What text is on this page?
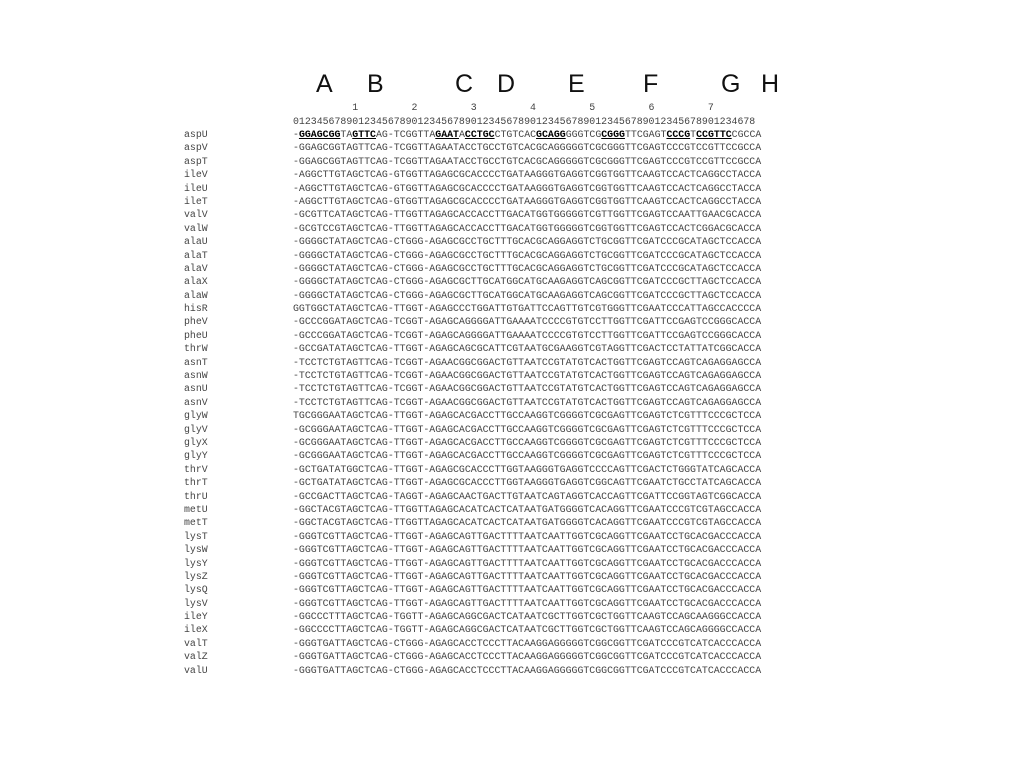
A B	C D E F	G H
1         2         3         4         5         6         7
012345678901234567890123456789012345678901234567890123456789012345678901234678
aspU	-GGAGCGGTAGTTCAG-TCGGTTAGAATACCTGCCTGTCACGCAGGGGGTCGCGGGTTCGAGTCCCGTCCGTTCCGCCA
aspV	-GGAGCGGTAGTTCAG-TCGGTTAGAATACCTGCCTGTCACGCAGGGGGTCGCGGGTTCGAGTCCCGTCCGTTCCGCCA
aspT	-GGAGCGGTAGTTCAG-TCGGTTAGAATACCTGCCTGTCACGCAGGGGGTCGCGGGTTCGAGTCCCGTCCGTTCCGCCA
ileV	-AGGCTTGTAGCTCAG-GTGGTTAGAGCGCACCCCTGATAAGGGTGAGGTCGGTGGTTCAAGTCCACTCAGGCCTACCA
ileU	-AGGCTTGTAGCTCAG-GTGGTTAGAGCGCACCCCTGATAAGGGTGAGGTCGGTGGTTCAAGTCCACTCAGGCCTACCA
ileT	-AGGCTTGTAGCTCAG-GTGGTTAGAGCGCACCCCTGATAAGGGTGAGGTCGGTGGTTCAAGTCCACTCAGGCCTACCA
valV	-GCGTTCATAGCTCAG-TTGGTTAGAGCACCACCTTGACATGGTGGGGGTCGTTGGTTCGAGTCCAATTGAACGCACCA
valW	-GCGTCCGTAGCTCAG-TTGGTTAGAGCACCACCTTGACATGGTGGGGGTCGGTGGTTCGAGTCCACTCGGACGCACCA
alaU	-GGGGCTATAGCTCAG-CTGGG-AGAGCGCCTGCTTTGCACGCAGGAGGTCTGCGGTTCGATCCCGCATAGCTCCACCA
alaT	-GGGGCTATAGCTCAG-CTGGG-AGAGCGCCTGCTTTGCACGCAGGAGGTCTGCGGTTCGATCCCGCATAGCTCCACCA
alaV	-GGGGCTATAGCTCAG-CTGGG-AGAGCGCCTGCTTTGCACGCAGGAGGTCTGCGGTTCGATCCCGCATAGCTCCACCA
alaX	-GGGGCTATAGCTCAG-CTGGG-AGAGCGCTTGCATGGCATGCAAGAGGTCAGCGGTTCGATCCCGCTTAGCTCCACCA
alaW	-GGGGCTATAGCTCAG-CTGGG-AGAGCGCTTGCATGGCATGCAAGAGGTCAGCGGTTCGATCCCGCTTAGCTCCACCA
hisR	GGTGGCTATAGCTCAG-TTGGT-AGAGCCCTGGATTGTGATTCCAGTTGTCGTGGGTTCGAATCCCATTAGCCACCCCA
pheV	-GCCCGGATAGCTCAG-TCGGT-AGAGCAGGGGATTGAAAATCCCCGTGTCCTTGGTTCGATTCCGAGTCCGGGCACCA
pheU	-GCCCGGATAGCTCAG-TCGGT-AGAGCAGGGGATTGAAAATCCCCGTGTCCTTGGTTCGATTCCGAGTCCGGGCACCA
thrW	-GCCGATATAGCTCAG-TTGGT-AGAGCAGCGCATTCGTAATGCGAAGGTCGTAGGTTCGACTCCTATTATCGGCACCA
asnT	-TCCTCTGTAGTTCAG-TCGGT-AGAACGGCGGACTGTTAATCCGTATGTCACTGGTTCGAGTCCAGTCAGAGGAGCCA
asnW	-TCCTCTGTAGTTCAG-TCGGT-AGAACGGCGGACTGTTAATCCGTATGTCACTGGTTCGAGTCCAGTCAGAGGAGCCA
asnU	-TCCTCTGTAGTTCAG-TCGGT-AGAACGGCGGACTGTTAATCCGTATGTCACTGGTTCGAGTCCAGTCAGAGGAGCCA
asnV	-TCCTCTGTAGTTCAG-TCGGT-AGAACGGCGGACTGTTAATCCGTATGTCACTGGTTCGAGTCCAGTCAGAGGAGCCA
glyW	TGCGGGAATAGCTCAG-TTGGT-AGAGCACGACCTTGCCAAGGTCGGGGTCGCGAGTTCGAGTCTCGTTTCCCGCTCCA
glyV	-GCGGGAATAGCTCAG-TTGGT-AGAGCACGACCTTGCCAAGGTCGGGGTCGCGAGTTCGAGTCTCGTTTCCCGCTCCA
glyX	-GCGGGAATAGCTCAG-TTGGT-AGAGCACGACCTTGCCAAGGTCGGGGTCGCGAGTTCGAGTCTCGTTTCCCGCTCCA
glyY	-GCGGGAATAGCTCAG-TTGGT-AGAGCACGACCTTGCCAAGGTCGGGGTCGCGAGTTCGAGTCTCGTTTCCCGCTCCA
thrV	-GCTGATATGGCTCAG-TTGGT-AGAGCGCACCCTTGGTAAGGGTGAGGTCCCCAGTTCGACTCTGGGTATCAGCACCA
thrT	-GCTGATATAGCTCAG-TTGGT-AGAGCGCACCCTTGGTAAGGGTGAGGTCGGCAGTTCGAATCTGCCTATCAGCACCA
thrU	-GCCGACTTAGCTCAG-TAGGT-AGAGCAACTGACTTGTAATCAGTAGGTCACCAGTTCGATTCCGGTAGTCGGCACCA
metU	-GGCTACGTAGCTCAG-TTGGTTAGAGCACATCACTCATAATGATGGGGTCACAGGTTCGAATCCCGTCGTAGCCACCA
metT	-GGCTACGTAGCTCAG-TTGGTTAGAGCACATCACTCATAATGATGGGGTCACAGGTTCGAATCCCGTCGTAGCCACCA
lysT	-GGGTCGTTAGCTCAG-TTGGT-AGAGCAGTTGACTTTTAATCAATTGGTCGCAGGTTCGAATCCTGCACGACCCACCA
lysW	-GGGTCGTTAGCTCAG-TTGGT-AGAGCAGTTGACTTTTAATCAATTGGTCGCAGGTTCGAATCCTGCACGACCCACCA
lysY	-GGGTCGTTAGCTCAG-TTGGT-AGAGCAGTTGACTTTTAATCAATTGGTCGCAGGTTCGAATCCTGCACGACCCACCA
lysZ	-GGGTCGTTAGCTCAG-TTGGT-AGAGCAGTTGACTTTTAATCAATTGGTCGCAGGTTCGAATCCTGCACGACCCACCA
lysQ	-GGGTCGTTAGCTCAG-TTGGT-AGAGCAGTTGACTTTTAATCAATTGGTCGCAGGTTCGAATCCTGCACGACCCACCA
lysV	-GGGTCGTTAGCTCAG-TTGGT-AGAGCAGTTGACTTTTAATCAATTGGTCGCAGGTTCGAATCCTGCACGACCCACCA
ileY	-GGCCCTTTAGCTCAG-TGGTT-AGAGCAGGCGACTCATAATCGCTTGGTCGCTGGTTCAAGTCCAGCAAGGGCCACCA
ileX	-GGCCCCTTAGCTCAG-TGGTT-AGAGCAGGCGACTCATAATCGCTTGGTCGCTGGTTCAAGTCCAGCAGGGGCCACCA
valT	-GGGTGATTAGCTCAG-CTGGG-AGAGCACCTCCCTTACAAGGAGGGGGTCGGCGGTTCGATCCCGTCATCACCCACCA
valZ	-GGGTGATTAGCTCAG-CTGGG-AGAGCACCTCCCTTACAAGGAGGGGGTCGGCGGTTCGATCCCGTCATCACCCACCA
valU	-GGGTGATTAGCTCAG-CTGGG-AGAGCACCTCCCTTACAAGGAGGGGGTCGGCGGTTCGATCCCGTCATCACCCACCA
